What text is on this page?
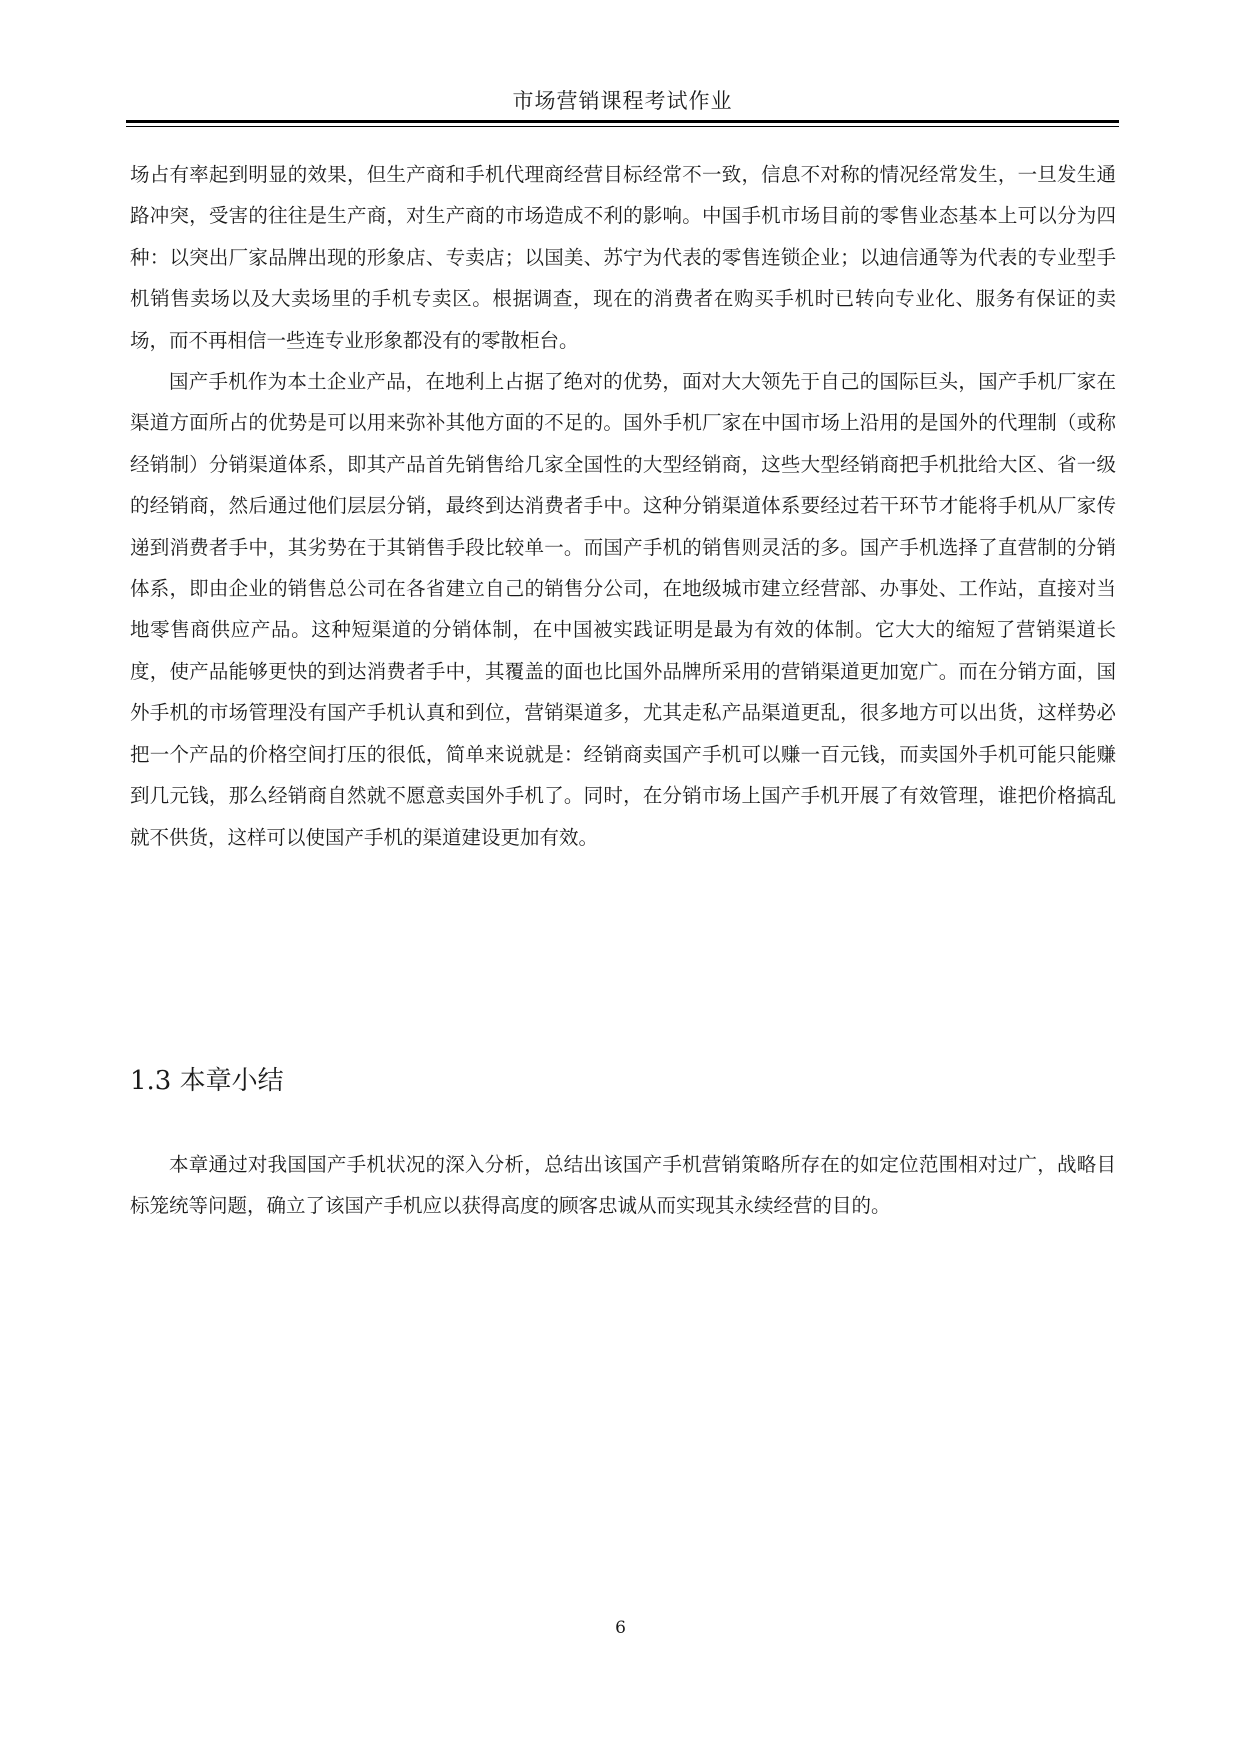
市场营销课程考试作业

场占有率起到明显的效果，但生产商和手机代理商经营目标经常不一致，信息不对称的情况经常发生，一旦发生通路冲突，受害的往往是生产商，对生产商的市场造成不利的影响。中国手机市场目前的零售业态基本上可以分为四种：以突出厂家品牌出现的形象店、专卖店；以国美、苏宁为代表的零售连锁企业；以迪信通等为代表的专业型手机销售卖场以及大卖场里的手机专卖区。根据调查，现在的消费者在购买手机时已转向专业化、服务有保证的卖场，而不再相信一些连专业形象都没有的零散柜台。

国产手机作为本土企业产品，在地利上占据了绝对的优势，面对大大领先于自己的国际巨头，国产手机厂家在渠道方面所占的优势是可以用来弥补其他方面的不足的。国外手机厂家在中国市场上沿用的是国外的代理制（或称经销制）分销渠道体系，即其产品首先销售给几家全国性的大型经销商，这些大型经销商把手机批给大区、省一级的经销商，然后通过他们层层分销，最终到达消费者手中。这种分销渠道体系要经过若干环节才能将手机从厂家传递到消费者手中，其劣势在于其销售手段比较单一。而国产手机的销售则灵活的多。国产手机选择了直营制的分销体系，即由企业的销售总公司在各省建立自己的销售分公司，在地级城市建立经营部、办事处、工作站，直接对当地零售商供应产品。这种短渠道的分销体制，在中国被实践证明是最为有效的体制。它大大的缩短了营销渠道长度，使产品能够更快的到达消费者手中，其覆盖的面也比国外品牌所采用的营销渠道更加宽广。而在分销方面，国外手机的市场管理没有国产手机认真和到位，营销渠道多，尤其走私产品渠道更乱，很多地方可以出货，这样势必把一个产品的价格空间打压的很低，简单来说就是：经销商卖国产手机可以赚一百元钱，而卖国外手机可能只能赚到几元钱，那么经销商自然就不愿意卖国外手机了。同时，在分销市场上国产手机开展了有效管理，谁把价格搞乱就不供货，这样可以使国产手机的渠道建设更加有效。

1.3 本章小结

本章通过对我国国产手机状况的深入分析，总结出该国产手机营销策略所存在的如定位范围相对过广，战略目标笼统等问题，确立了该国产手机应以获得高度的顾客忠诚从而实现其永续经营的目的。

6
